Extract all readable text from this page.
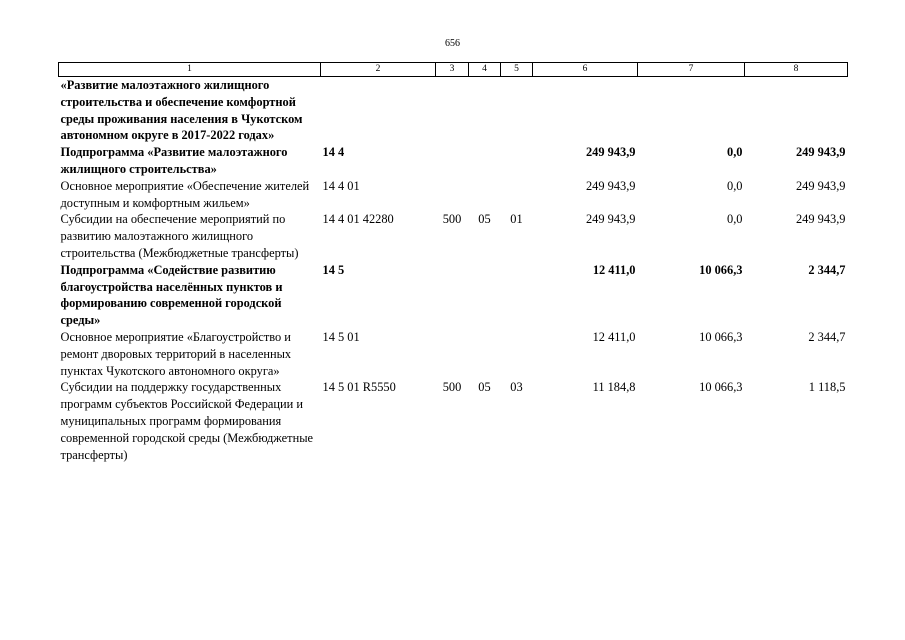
656
1	2	3	4	5	6	7	8
«Развитие малоэтажного жилищного строительства и обеспечение комфортной среды проживания населения в Чукотском автономном округе в 2017-2022 годах»							
Подпрограмма «Развитие малоэтажного жилищного строительства»	14 4				249 943,9	0,0	249 943,9
Основное мероприятие «Обеспечение жителей доступным и комфортным жильем»	14 4 01				249 943,9	0,0	249 943,9
Субсидии на обеспечение мероприятий по развитию малоэтажного жилищного строительства (Межбюджетные трансферты)	14 4 01 42280	500	05	01	249 943,9	0,0	249 943,9
Подпрограмма «Содействие развитию благоустройства населённых пунктов и формированию современной городской среды»	14 5				12 411,0	10 066,3	2 344,7
Основное мероприятие «Благоустройство и ремонт дворовых территорий в населенных пунктах Чукотского автономного округа»	14 5 01				12 411,0	10 066,3	2 344,7
Субсидии на поддержку государственных программ субъектов Российской Федерации и муниципальных программ формирования современной городской среды (Межбюджетные трансферты)	14 5 01 R5550	500	05	03	11 184,8	10 066,3	1 118,5
